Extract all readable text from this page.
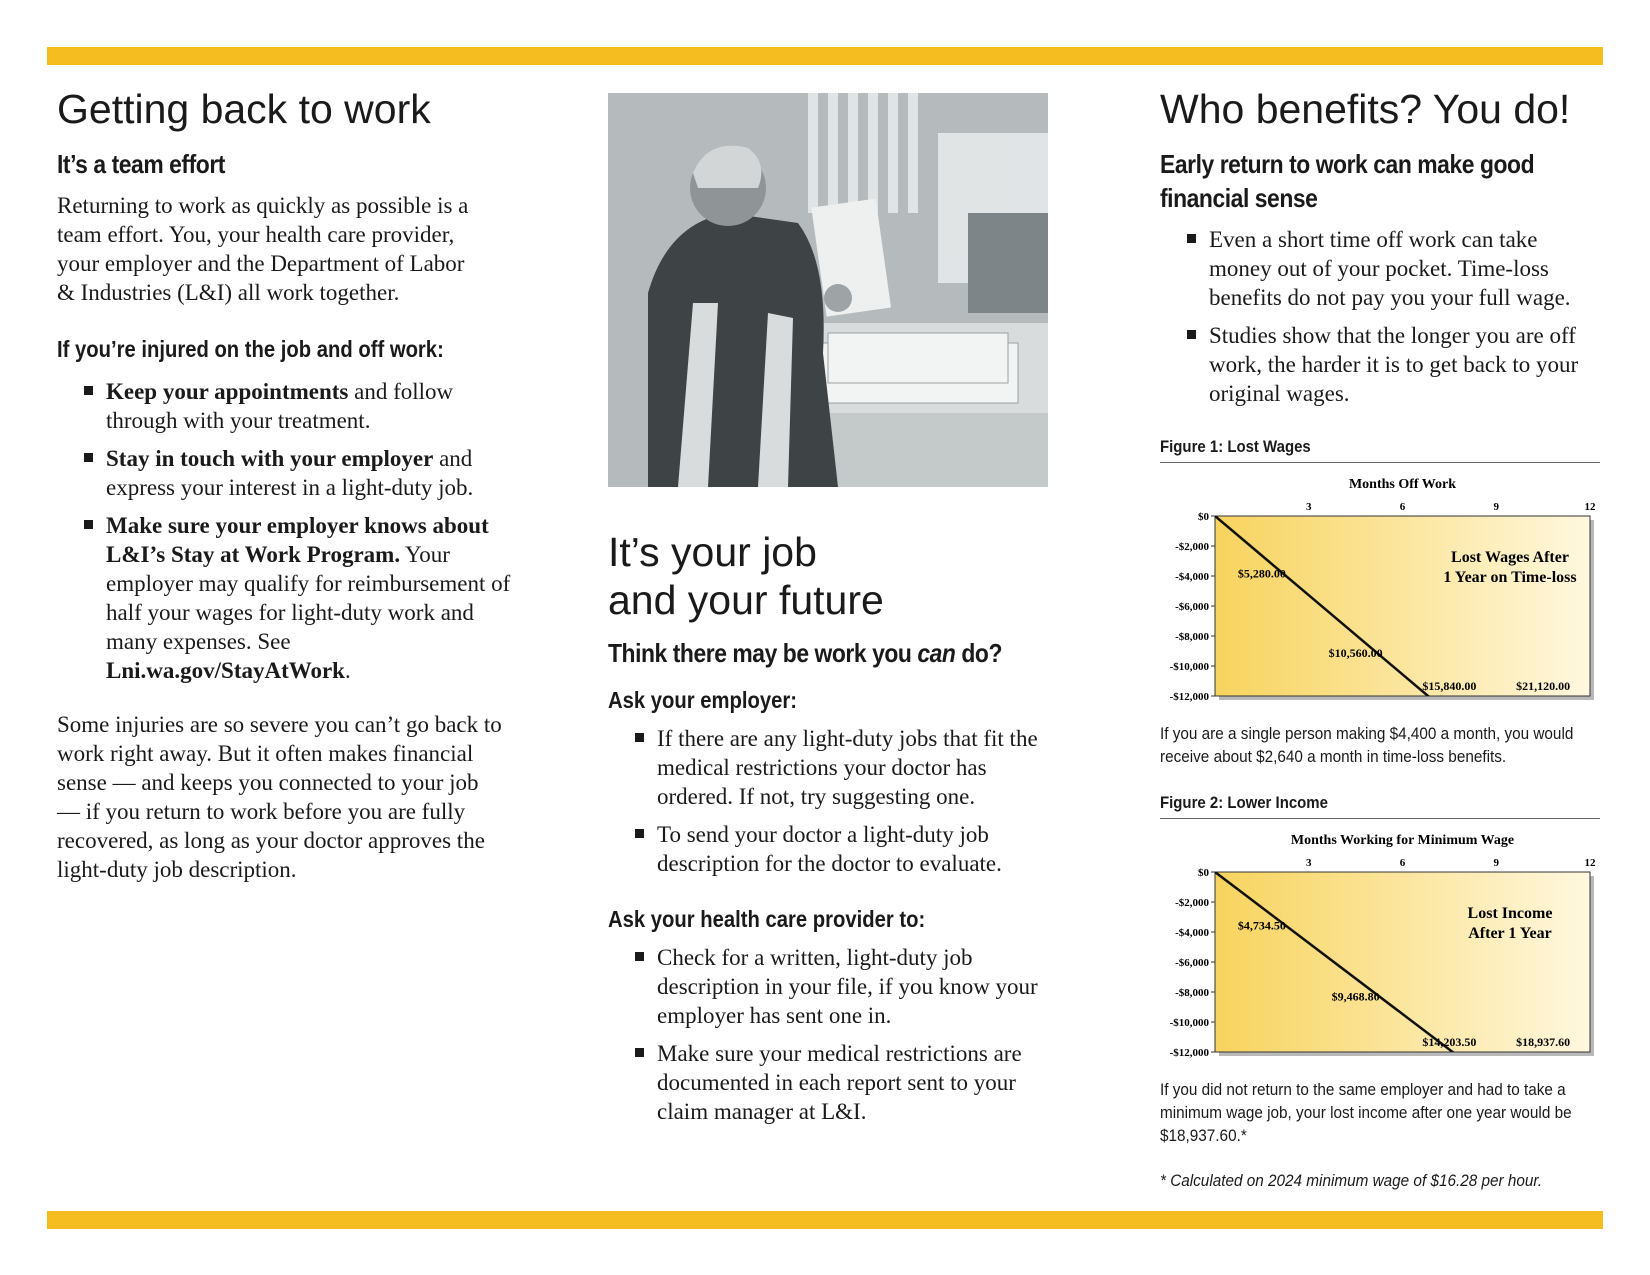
Getting back to work
It’s a team effort

Returning to work as quickly as possible is a

team effort. You, your health care provider,

your employer and the Department of Labor

& Industries (L&I) all work together.

If you’re injured on the job and off work:
Keep your appointments and follow through with your treatment.
Stay in touch with your employer and express your interest in a light-duty job.
Make sure your employer knows about L&I’s Stay at Work Program. Your employer may qualify for reimbursement of half your wages for light-duty work and many expenses. See Lni.wa.gov/StayAtWork.

Some injuries are so severe you can’t go back to work right away. But it often makes financial sense — and keeps you connected to your job — if you return to work before you are fully recovered, as long as your doctor approves the light-duty job description.

It’s your job
and your future
Think there may be work you can do?
Ask your employer:
If there are any light-duty jobs that fit the medical restrictions your doctor has ordered. If not, try suggesting one.
To send your doctor a light-duty job description for the doctor to evaluate.
Ask your health care provider to:
Check for a written, light-duty job description in your file, if you know your employer has sent one in.
Make sure your medical restrictions are documented in each report sent to your claim manager at L&I.
Who benefits? You do!
Early return to work can make good
financial sense
Even a short time off work can take money out of your pocket. Time-loss benefits do not pay you your full wage.
Studies show that the longer you are off work, the harder it is to get back to your original wages.
Figure 1: Lost Wages
Months Off Work
3	6	9	12
$0
-$2,000
-$4,000
-$6,000
-$8,000
-$10,000
-$12,000
$5,280.00
$10,560.00
$15,840.00	$21,120.00
Lost Wages After
1 Year on Time-loss
If you are a single person making $4,400 a month, you would receive about $2,640 a month in time-loss benefits.
Figure 2: Lower Income
Months Working for Minimum Wage
3	6	9	12
$0
-$2,000
-$4,000
-$6,000
-$8,000
-$10,000
-$12,000
$4,734.50
$9,468.80
$14,203.50	$18,937.60
Lost Income
After 1 Year
If you did not return to the same employer and had to take a minimum wage job, your lost income after one year would be $18,937.60.*
* Calculated on 2024 minimum wage of $16.28 per hour.
